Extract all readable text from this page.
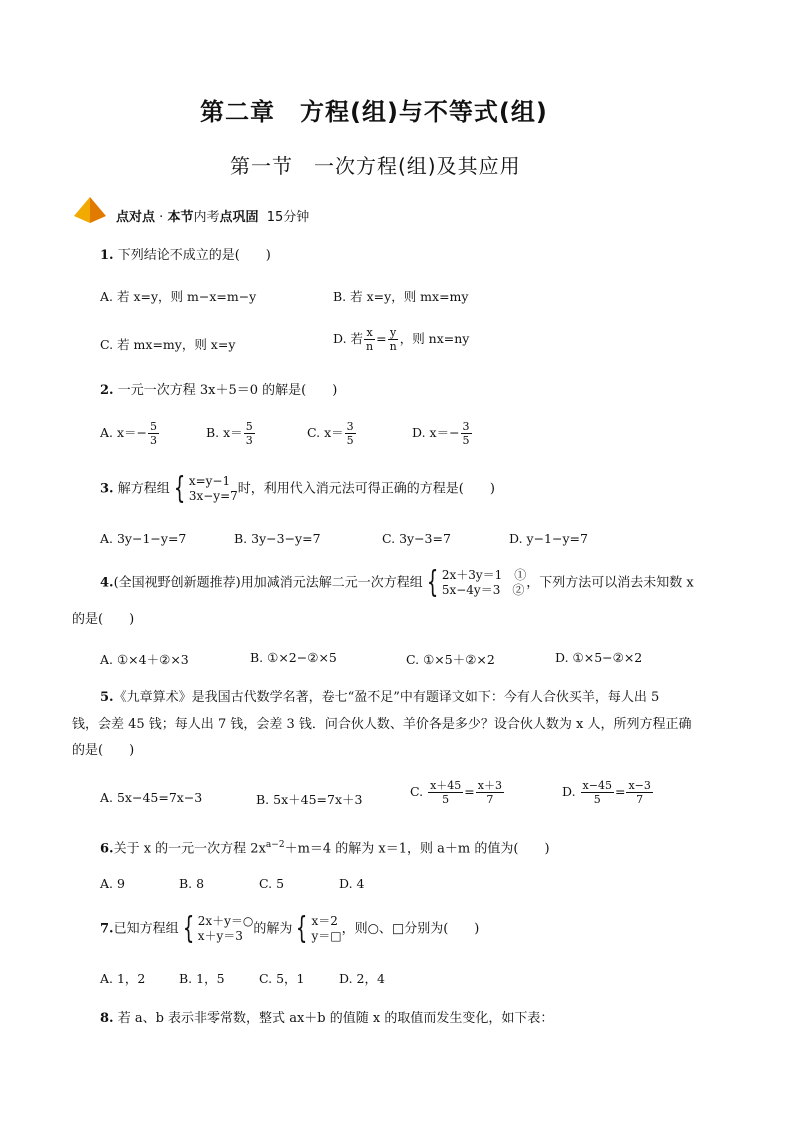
第二章　方程(组)与不等式(组)
第一节　一次方程(组)及其应用
点对点 · 本节内考点巩固 15分钟
1. 下列结论不成立的是(　　)
A. 若 x=y，则 m−x=m−y	B. 若 x=y，则 mx=my
C. 若 mx=my，则 x=y	D. 若 $\frac{x}{n} = \frac{y}{n}$ ，则 nx=ny
2. 一元一次方程 3x＋5＝0 的解是(　　)
A. $x=- \frac{5}{3}$	B. $x= \frac{5}{3}$	C. $x= \frac{3}{5}$	D. $x=- \frac{3}{5}$
3. 解方程组 { x=y−1
3x−y=7 时，利用代入消元法可得正确的方程是(　　)
A. 3y−1−y=7	B. 3y−3−y=7	C. 3y−3=7	D. y−1−y=7
4.(全国视野创新题推荐)用加减消元法解二元一次方程组 { 2x＋3y＝1　①
5x−4y＝3　② ，下列方法可以消去未知数 x
的是(　　)
A. ①×4＋②×3	B. ①×2−②×5	C. ①×5＋②×2	D. ①×5−②×2
5.《九章算术》是我国古代数学名著，卷七“盈不足”中有题译文如下：今有人合伙买羊，每人出 5
钱，会差 45 钱；每人出 7 钱，会差 3 钱．问合伙人数、羊价各是多少？设合伙人数为 x 人，所列方程正确
的是(　　)
A. 5x−45=7x−3	B. 5x＋45=7x＋3
C. $\frac{x+45}{5} = \frac{x+3}{7}$	D. $\frac{x-45}{5} = \frac{x-3}{7}$
6.关于 x 的一元一次方程 $2x^{a-2}+m=4$ 的解为 x＝1，则 a＋m 的值为(　　)
A. 9	B. 8	C. 5	D. 4
7.已知方程组 { 2x＋y＝○
x＋y＝3 的解为 { x＝2
y＝□ ，则○、□分别为(　　)
A. 1，2	B. 1，5	C. 5，1	D. 2，4
8. 若 a、b 表示非零常数，整式 ax＋b 的值随 x 的取值而发生变化，如下表：
